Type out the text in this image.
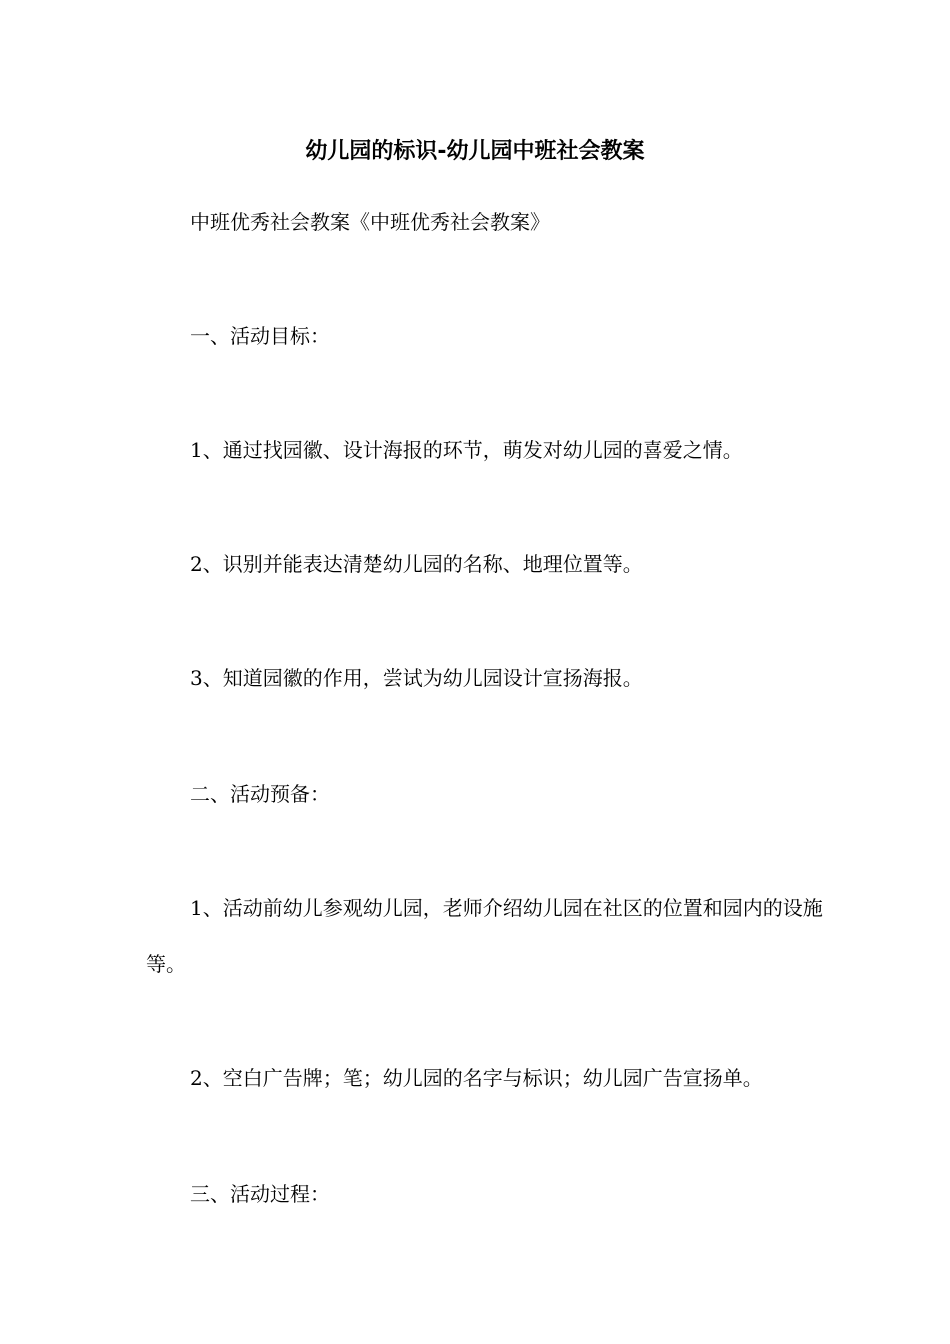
幼儿园的标识-幼儿园中班社会教案

中班优秀社会教案《中班优秀社会教案》

一、活动目标：

1、通过找园徽、设计海报的环节，萌发对幼儿园的喜爱之情。

2、识别并能表达清楚幼儿园的名称、地理位置等。

3、知道园徽的作用，尝试为幼儿园设计宣扬海报。

二、活动预备：

1、活动前幼儿参观幼儿园，老师介绍幼儿园在社区的位置和园内的设施等。

2、空白广告牌；笔；幼儿园的名字与标识；幼儿园广告宣扬单。

三、活动过程：
